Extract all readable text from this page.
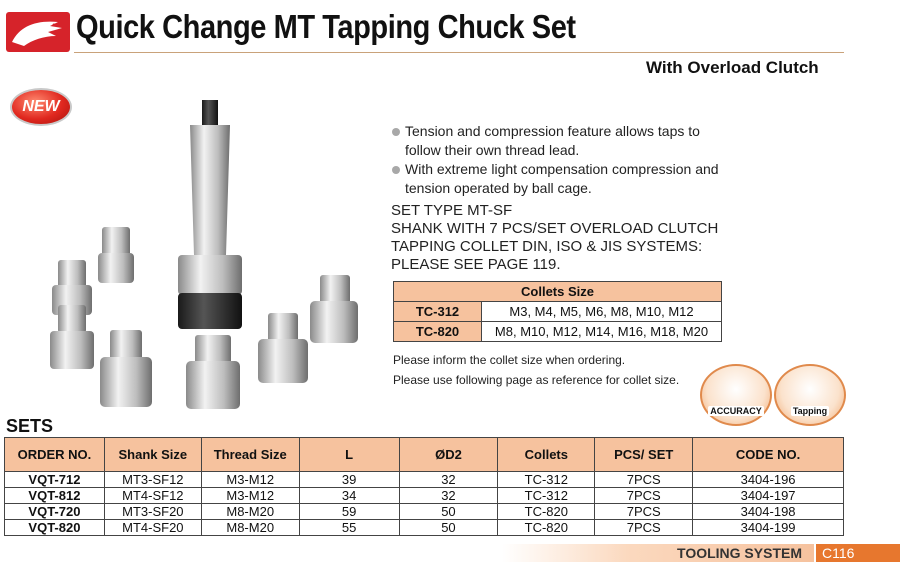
Quick Change MT Tapping Chuck Set
With Overload Clutch
NEW
Tension and compression feature allows taps to follow their own thread lead.
With extreme light compensation compression and tension operated by ball cage.
SET TYPE MT-SF
SHANK WITH 7 PCS/SET OVERLOAD CLUTCH
TAPPING COLLET DIN, ISO & JIS SYSTEMS:
PLEASE SEE PAGE 119.
Collets Size	
TC-312	M3, M4, M5, M6, M8, M10, M12
TC-820	M8, M10, M12, M14, M16, M18, M20
Please inform the collet size when ordering.
Please use following page as reference for collet size.
ACCURACY	Tapping
SETS
ORDER NO.	Shank Size	Thread Size	L	ØD2	Collets	PCS/ SET	CODE NO.
VQT-712	MT3-SF12	M3-M12	39	32	TC-312	7PCS	3404-196
VQT-812	MT4-SF12	M3-M12	34	32	TC-312	7PCS	3404-197
VQT-720	MT3-SF20	M8-M20	59	50	TC-820	7PCS	3404-198
VQT-820	MT4-SF20	M8-M20	55	50	TC-820	7PCS	3404-199
TOOLING SYSTEM	C116
